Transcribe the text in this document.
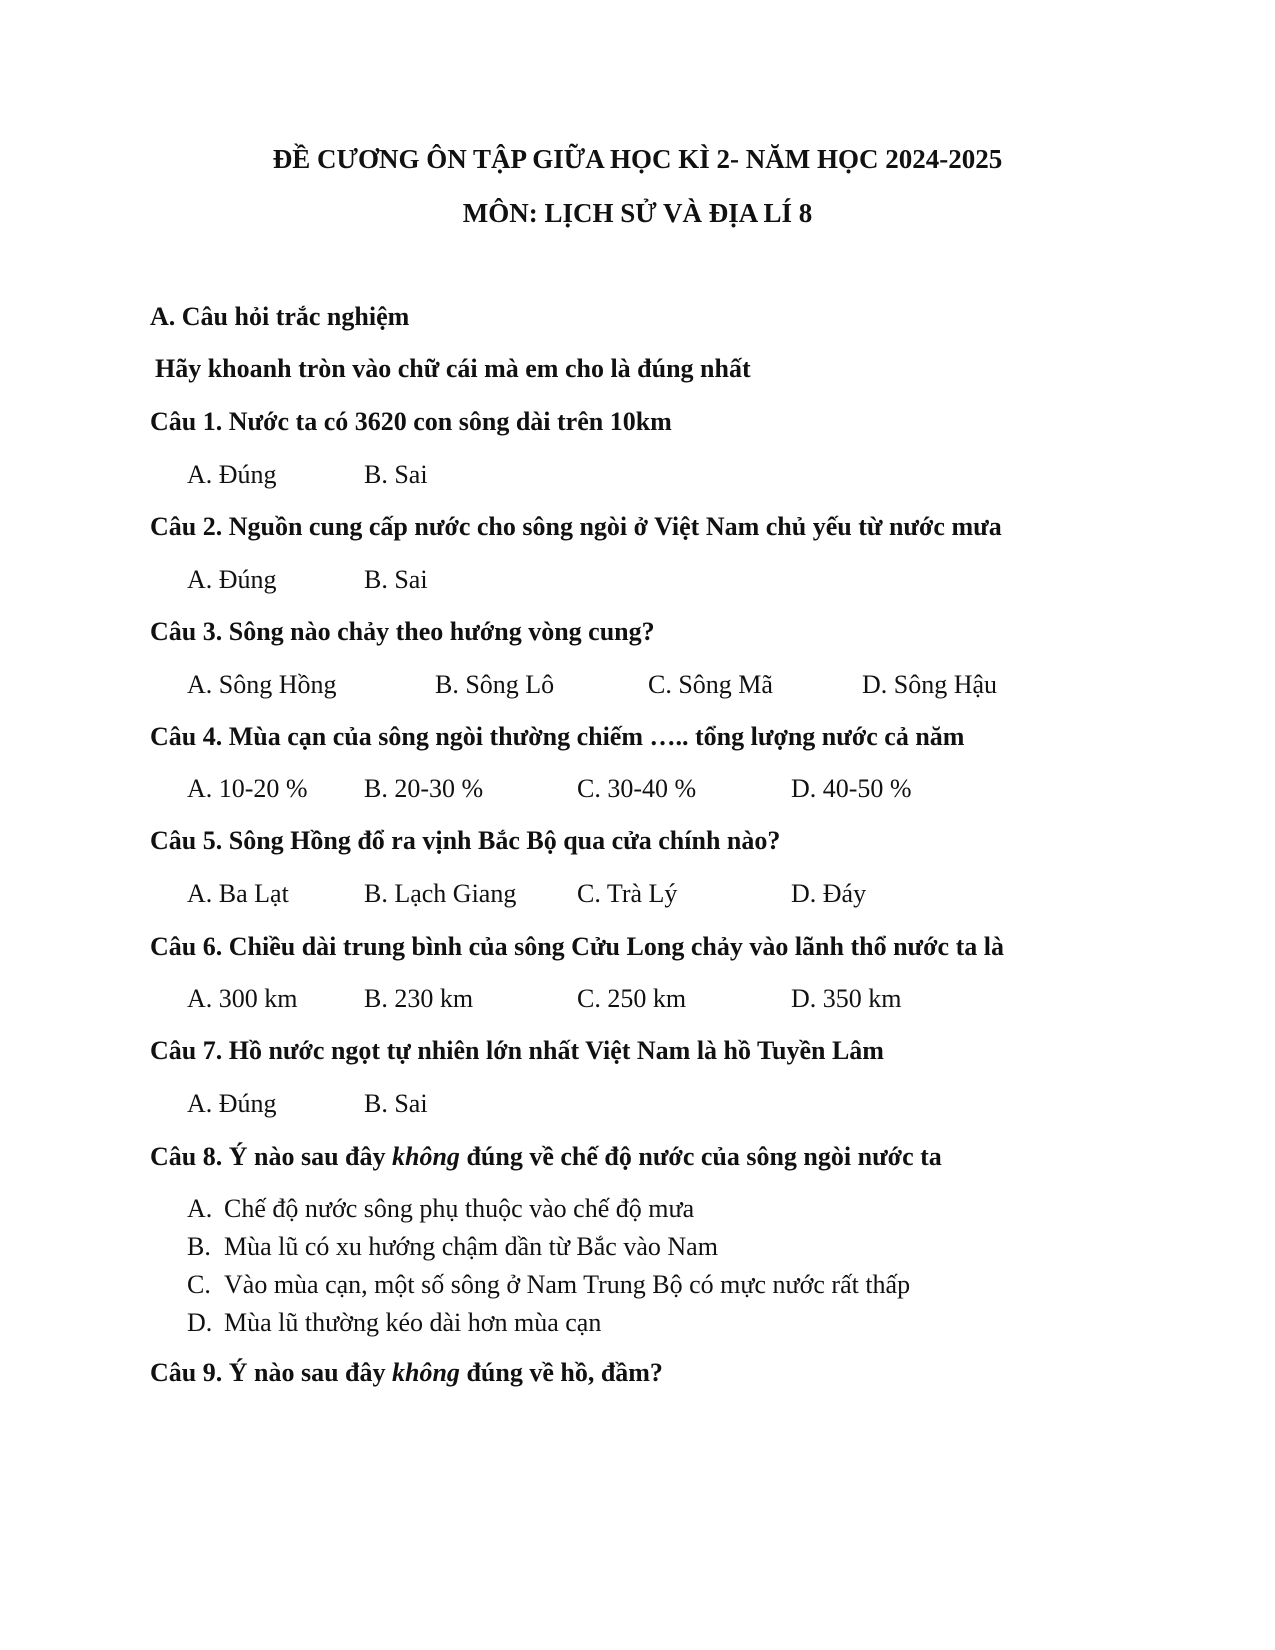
ĐỀ CƯƠNG ÔN TẬP GIỮA HỌC KÌ 2- NĂM HỌC 2024-2025
MÔN: LỊCH SỬ VÀ ĐỊA LÍ 8
A. Câu hỏi trắc nghiệm
Hãy khoanh tròn vào chữ cái mà em cho là đúng nhất
Câu 1. Nước ta có 3620 con sông dài trên 10km
A. Đúng	B. Sai
Câu 2. Nguồn cung cấp nước cho sông ngòi ở Việt Nam chủ yếu từ nước mưa
A. Đúng	B. Sai
Câu 3. Sông nào chảy theo hướng vòng cung?
A. Sông Hồng	B. Sông Lô	C. Sông Mã	D. Sông Hậu
Câu 4. Mùa cạn của sông ngòi thường chiếm ….. tổng lượng nước cả năm
A. 10-20 % B. 20-30 %	C. 30-40 %	D. 40-50 %
Câu 5. Sông Hồng đổ ra vịnh Bắc Bộ qua cửa chính nào?
A. Ba Lạt	B. Lạch Giang C. Trà Lý	D. Đáy
Câu 6. Chiều dài trung bình của sông Cửu Long chảy vào lãnh thổ nước ta là
A. 300 km	B. 230 km	C. 250 km	D. 350 km
Câu 7. Hồ nước ngọt tự nhiên lớn nhất Việt Nam là hồ Tuyền Lâm
A. Đúng	B. Sai
Câu 8. Ý nào sau đây không đúng về chế độ nước của sông ngòi nước ta
A. Chế độ nước sông phụ thuộc vào chế độ mưa
B. Mùa lũ có xu hướng chậm dần từ Bắc vào Nam
C. Vào mùa cạn, một số sông ở Nam Trung Bộ có mực nước rất thấp
D. Mùa lũ thường kéo dài hơn mùa cạn
Câu 9. Ý nào sau đây không đúng về hồ, đầm?
